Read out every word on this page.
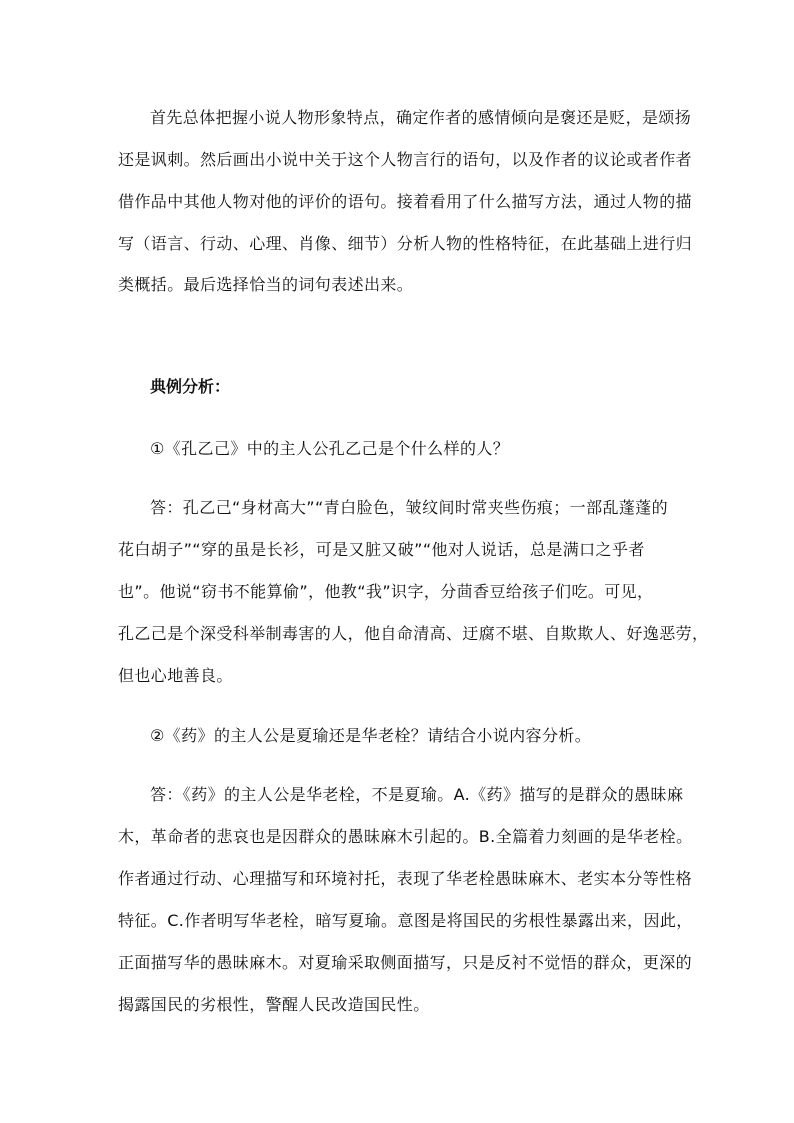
首先总体把握小说人物形象特点，确定作者的感情倾向是褒还是贬，是颂扬
还是讽刺。然后画出小说中关于这个人物言行的语句，以及作者的议论或者作者
借作品中其他人物对他的评价的语句。接着看用了什么描写方法，通过人物的描
写（语言、行动、心理、肖像、细节）分析人物的性格特征，在此基础上进行归
类概括。最后选择恰当的词句表述出来。
典例分析：
①《孔乙己》中的主人公孔乙己是个什么样的人？
答：孔乙己“身材高大”“青白脸色，皱纹间时常夹些伤痕；一部乱蓬蓬的
花白胡子”“穿的虽是长衫，可是又脏又破”“他对人说话，总是满口之乎者
也”。他说“窃书不能算偷”，他教“我”识字，分茴香豆给孩子们吃。可见，
孔乙己是个深受科举制毒害的人，他自命清高、迂腐不堪、自欺欺人、好逸恶劳，
但也心地善良。
②《药》的主人公是夏瑜还是华老栓？请结合小说内容分析。
答：《药》的主人公是华老栓，不是夏瑜。A.《药》描写的是群众的愚昧麻
木，革命者的悲哀也是因群众的愚昧麻木引起的。B.全篇着力刻画的是华老栓。
作者通过行动、心理描写和环境衬托，表现了华老栓愚昧麻木、老实本分等性格
特征。C.作者明写华老栓，暗写夏瑜。意图是将国民的劣根性暴露出来，因此，
正面描写华的愚昧麻木。对夏瑜采取侧面描写，只是反衬不觉悟的群众，更深的
揭露国民的劣根性，警醒人民改造国民性。
